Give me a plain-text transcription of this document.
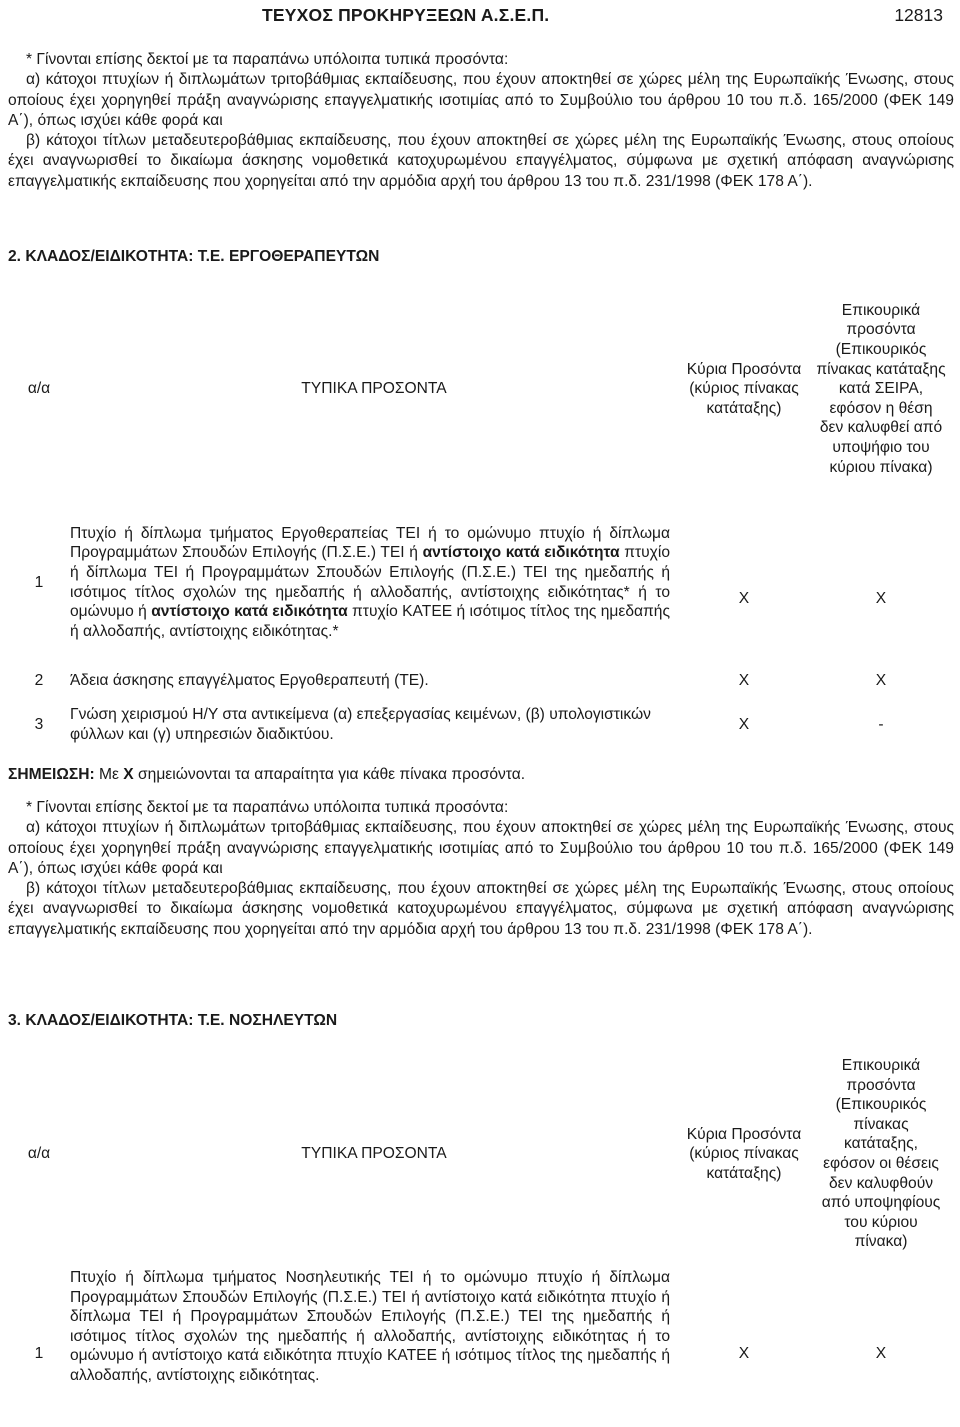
ΤΕΥΧΟΣ ΠΡΟΚΗΡΥΞΕΩΝ Α.Σ.Ε.Π.	12813

* Γίνονται επίσης δεκτοί με τα παραπάνω υπόλοιπα τυπικά προσόντα:

α) κάτοχοι πτυχίων ή διπλωμάτων τριτοβάθμιας εκπαίδευσης, που έχουν αποκτηθεί σε χώρες μέλη της Ευρωπαϊκής Ένωσης, στους οποίους έχει χορηγηθεί πράξη αναγνώρισης επαγγελματικής ισοτιμίας από το Συμβούλιο του άρθρου 10 του π.δ. 165/2000 (ΦΕΚ 149 Α΄), όπως ισχύει κάθε φορά και

β) κάτοχοι τίτλων μεταδευτεροβάθμιας εκπαίδευσης, που έχουν αποκτηθεί σε χώρες μέλη της Ευρωπαϊκής Ένωσης, στους οποίους έχει αναγνωρισθεί το δικαίωμα άσκησης νομοθετικά κατοχυρωμένου επαγγέλματος, σύμφωνα με σχετική απόφαση αναγνώρισης επαγγελματικής εκπαίδευσης που χορηγείται από την αρμόδια αρχή του άρθρου 13 του π.δ. 231/1998 (ΦΕΚ 178 Α΄).

2. ΚΛΑΔΟΣ/ΕΙΔΙΚΟΤΗΤΑ: Τ.Ε. ΕΡΓΟΘΕΡΑΠΕΥΤΩΝ
α/α	ΤΥΠΙΚΑ ΠΡΟΣΟΝΤΑ	Κύρια Προσόντα (κύριος πίνακας κατάταξης)	Επικουρικά προσόντα (Επικουρικός πίνακας κατάταξης κατά ΣΕΙΡΑ, εφόσον η θέση δεν καλυφθεί από υποψήφιο του κύριου πίνακα)
1	Πτυχίο ή δίπλωμα τμήματος Εργοθεραπείας ΤΕΙ ή το ομώνυμο πτυχίο ή δίπλωμα Προγραμμάτων Σπουδών Επιλογής (Π.Σ.Ε.) ΤΕΙ ή αντίστοιχο κατά ειδικότητα πτυχίο ή δίπλωμα ΤΕΙ ή Προγραμμάτων Σπουδών Επιλογής (Π.Σ.Ε.) ΤΕΙ της ημεδαπής ή ισότιμος τίτλος σχολών της ημεδαπής ή αλλοδαπής, αντίστοιχης ειδικότητας* ή το ομώνυμο ή αντίστοιχο κατά ειδικότητα πτυχίο ΚΑΤΕΕ ή ισότιμος τίτλος της ημεδαπής ή αλλοδαπής, αντίστοιχης ειδικότητας.*	Χ	Χ
2	Άδεια άσκησης επαγγέλματος Εργοθεραπευτή (ΤΕ).	Χ	Χ
3	Γνώση χειρισμού Η/Υ στα αντικείμενα (α) επεξεργασίας κειμένων, (β) υπολογιστικών φύλλων και (γ) υπηρεσιών διαδικτύου.	Χ	-
ΣΗΜΕΙΩΣΗ: Με Χ σημειώνονται τα απαραίτητα για κάθε πίνακα προσόντα.

* Γίνονται επίσης δεκτοί με τα παραπάνω υπόλοιπα τυπικά προσόντα:

α) κάτοχοι πτυχίων ή διπλωμάτων τριτοβάθμιας εκπαίδευσης, που έχουν αποκτηθεί σε χώρες μέλη της Ευρωπαϊκής Ένωσης, στους οποίους έχει χορηγηθεί πράξη αναγνώρισης επαγγελματικής ισοτιμίας από το Συμβούλιο του άρθρου 10 του π.δ. 165/2000 (ΦΕΚ 149 Α΄), όπως ισχύει κάθε φορά και

β) κάτοχοι τίτλων μεταδευτεροβάθμιας εκπαίδευσης, που έχουν αποκτηθεί σε χώρες μέλη της Ευρωπαϊκής Ένωσης, στους οποίους έχει αναγνωρισθεί το δικαίωμα άσκησης νομοθετικά κατοχυρωμένου επαγγέλματος, σύμφωνα με σχετική απόφαση αναγνώρισης επαγγελματικής εκπαίδευσης που χορηγείται από την αρμόδια αρχή του άρθρου 13 του π.δ. 231/1998 (ΦΕΚ 178 Α΄).

3. ΚΛΑΔΟΣ/ΕΙΔΙΚΟΤΗΤΑ: Τ.Ε. ΝΟΣΗΛΕΥΤΩΝ
α/α	ΤΥΠΙΚΑ ΠΡΟΣΟΝΤΑ	Κύρια Προσόντα (κύριος πίνακας κατάταξης)	Επικουρικά προσόντα (Επικουρικός πίνακας κατάταξης, εφόσον οι θέσεις δεν καλυφθούν από υποψηφίους του κύριου πίνακα)
1	Πτυχίο ή δίπλωμα τμήματος Νοσηλευτικής ΤΕΙ ή το ομώνυμο πτυχίο ή δίπλωμα Προγραμμάτων Σπουδών Επιλογής (Π.Σ.Ε.) ΤΕΙ ή αντίστοιχο κατά ειδικότητα πτυχίο ή δίπλωμα ΤΕΙ ή Προγραμμάτων Σπουδών Επιλογής (Π.Σ.Ε.) ΤΕΙ της ημεδαπής ή ισότιμος τίτλος σχολών της ημεδαπής ή αλλοδαπής, αντίστοιχης ειδικότητας ή το ομώνυμο ή αντίστοιχο κατά ειδικότητα πτυχίο ΚΑΤΕΕ ή ισότιμος τίτλος της ημεδαπής ή αλλοδαπής, αντίστοιχης ειδικότητας.	Χ	Χ
